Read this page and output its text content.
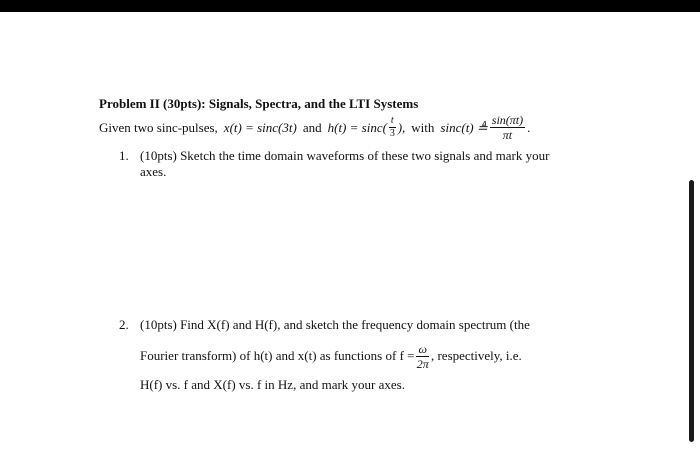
Problem II (30pts): Signals, Spectra, and the LTI Systems
Given two sinc-pulses, x(t) = sinc(3t) and $h(t) = \sin c( \frac{t}{3}$ ), with sinc(t) ≜ $\frac{\sin(\pi t)}{\pi t}$ .
1. (10pts) Sketch the time domain waveforms of these two signals and mark your axes.
2. (10pts) Find X(f) and H(f), and sketch the frequency domain spectrum (the
Fourier transform) of h(t) and x(t) as functions of $f = \frac{\omega}{2\pi}$ , respectively, i.e.
H(f) vs. f and X(f) vs. f in Hz, and mark your axes.
